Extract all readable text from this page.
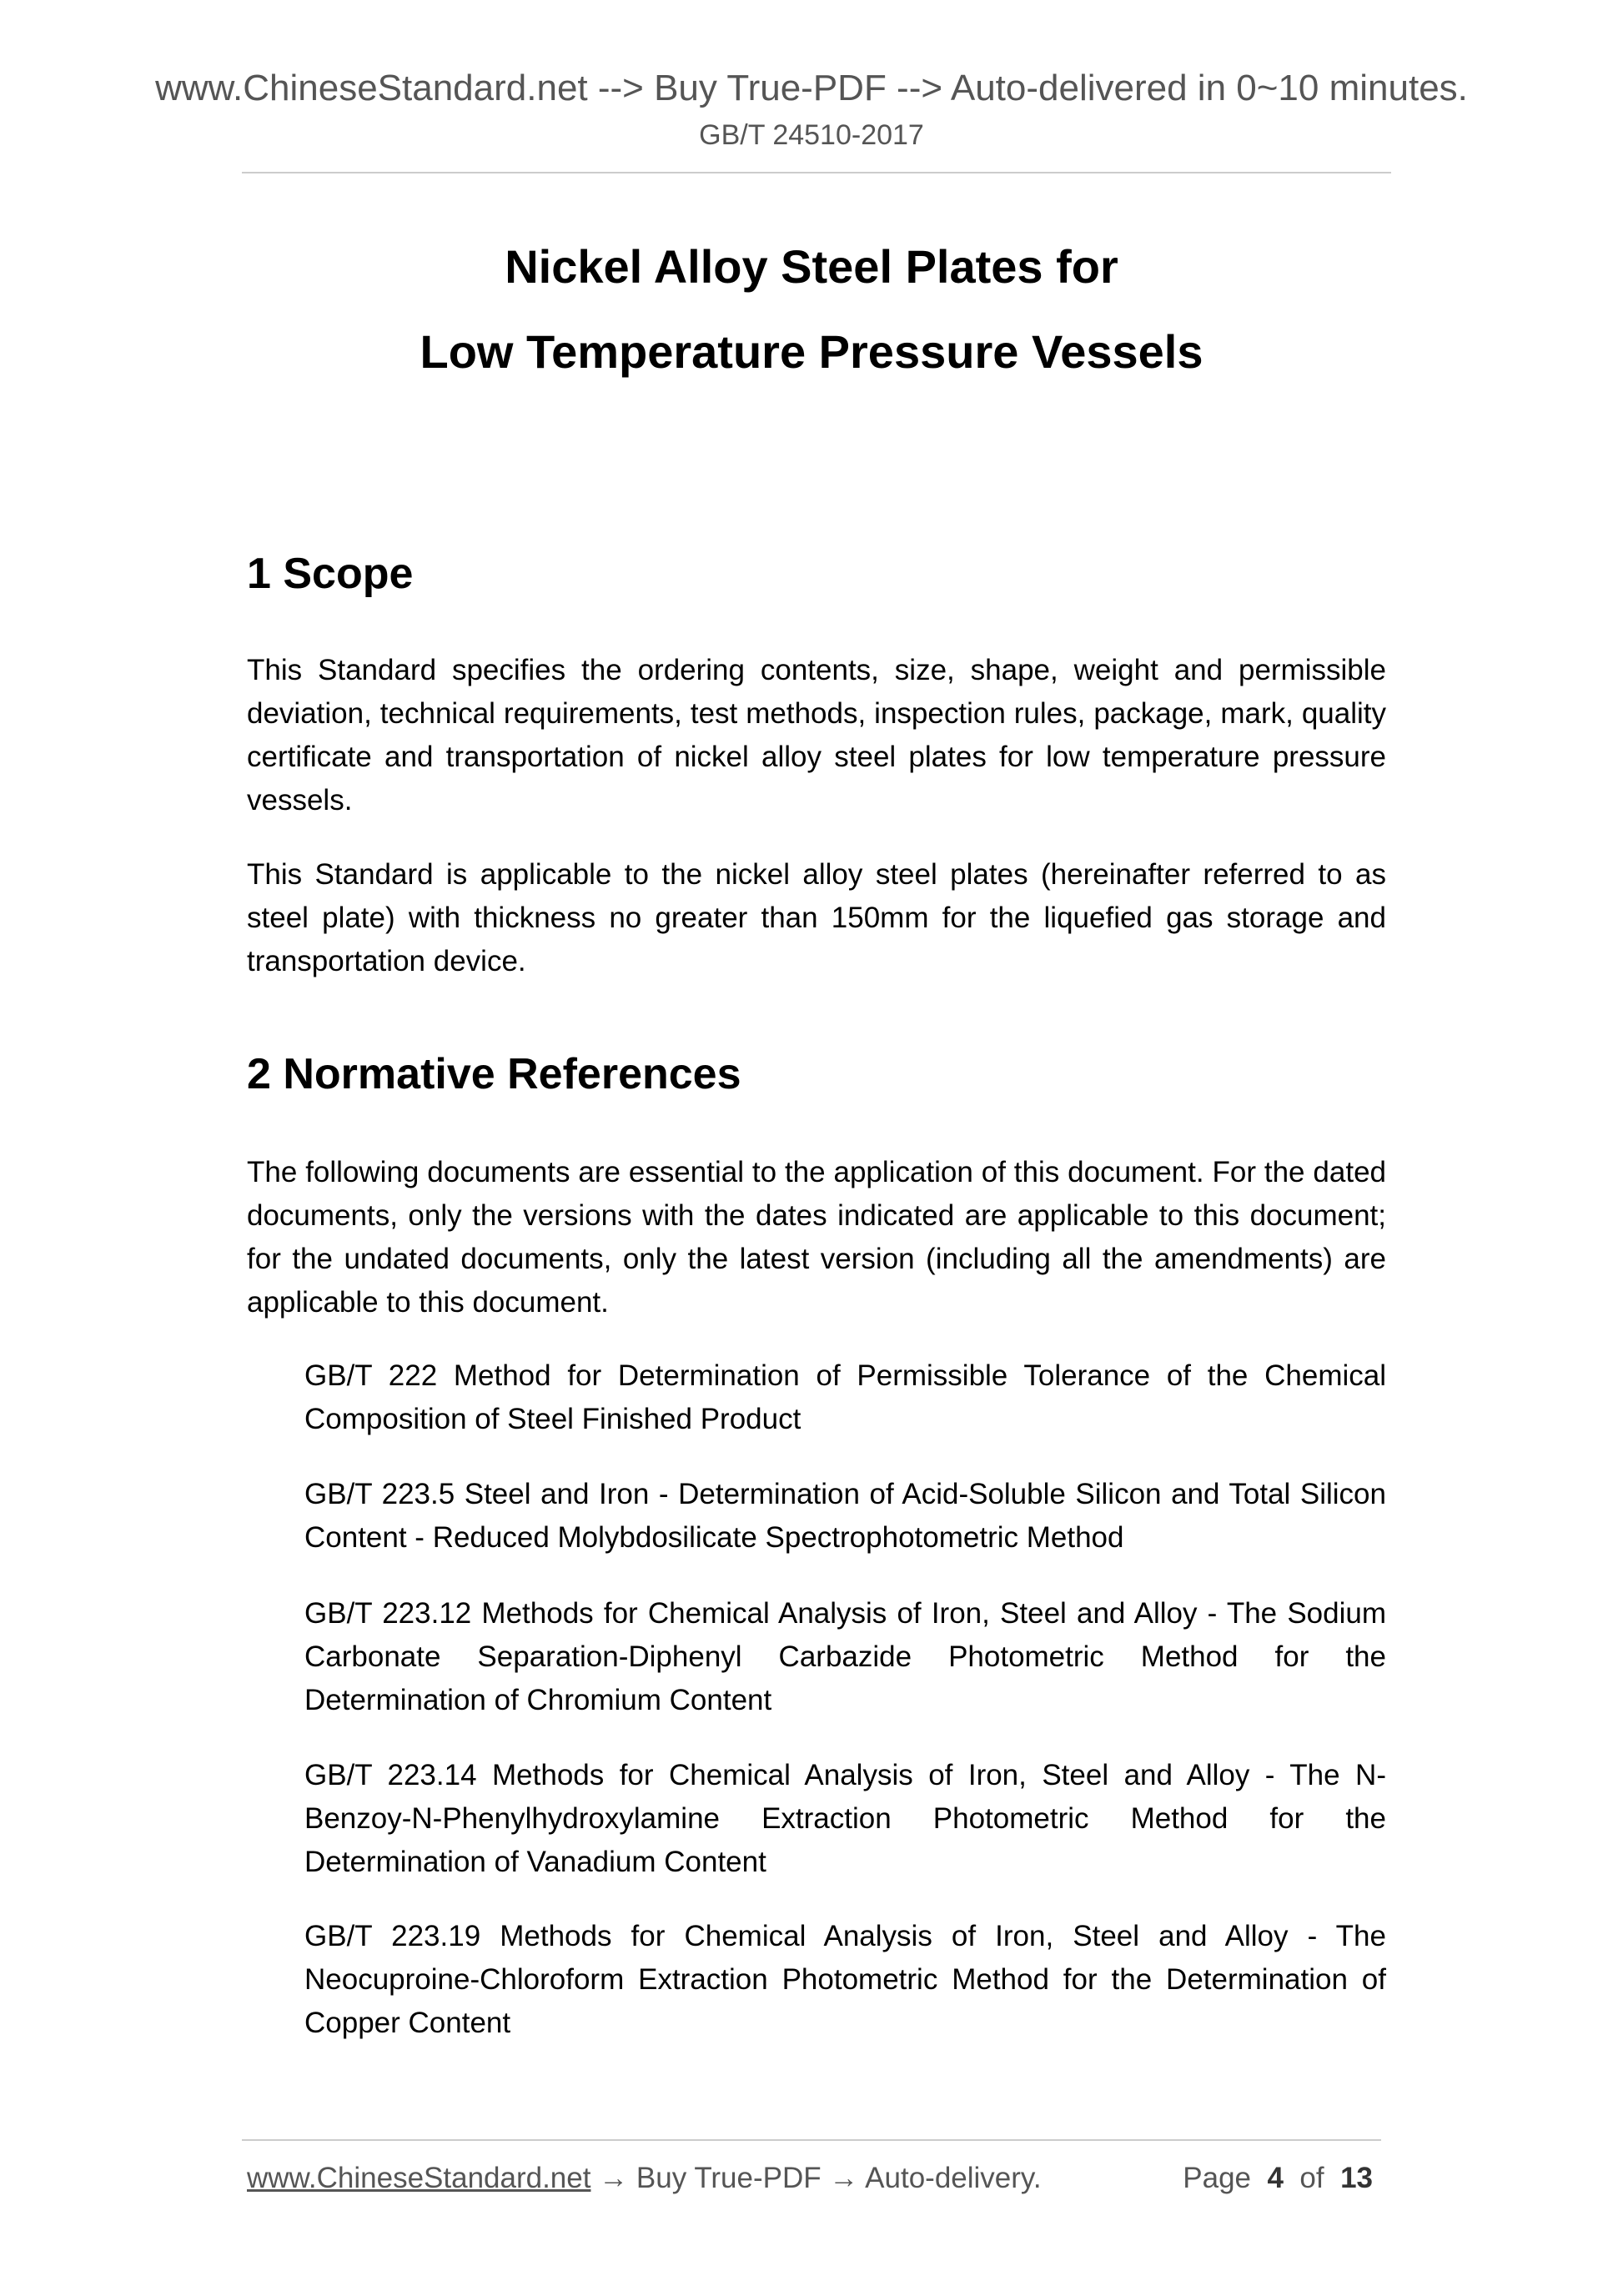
www.ChineseStandard.net --> Buy True-PDF --> Auto-delivered in 0~10 minutes.
GB/T 24510-2017
Nickel Alloy Steel Plates for
Low Temperature Pressure Vessels
1 Scope

This Standard specifies the ordering contents, size, shape, weight and permissible deviation, technical requirements, test methods, inspection rules, package, mark, quality certificate and transportation of nickel alloy steel plates for low temperature pressure vessels.

This Standard is applicable to the nickel alloy steel plates (hereinafter referred to as steel plate) with thickness no greater than 150mm for the liquefied gas storage and transportation device.

2 Normative References

The following documents are essential to the application of this document. For the dated documents, only the versions with the dates indicated are applicable to this document; for the undated documents, only the latest version (including all the amendments) are applicable to this document.

GB/T 222 Method for Determination of Permissible Tolerance of the Chemical Composition of Steel Finished Product

GB/T 223.5 Steel and Iron - Determination of Acid-Soluble Silicon and Total Silicon Content - Reduced Molybdosilicate Spectrophotometric Method

GB/T 223.12 Methods for Chemical Analysis of Iron, Steel and Alloy - The Sodium Carbonate Separation-Diphenyl Carbazide Photometric Method for the Determination of Chromium Content

GB/T 223.14 Methods for Chemical Analysis of Iron, Steel and Alloy - The N-Benzoy-N-Phenylhydroxylamine Extraction Photometric Method for the Determination of Vanadium Content

GB/T 223.19 Methods for Chemical Analysis of Iron, Steel and Alloy - The Neocuproine-Chloroform Extraction Photometric Method for the Determination of Copper Content

www.ChineseStandard.net → Buy True-PDF → Auto-delivery.	Page 4 of 13
